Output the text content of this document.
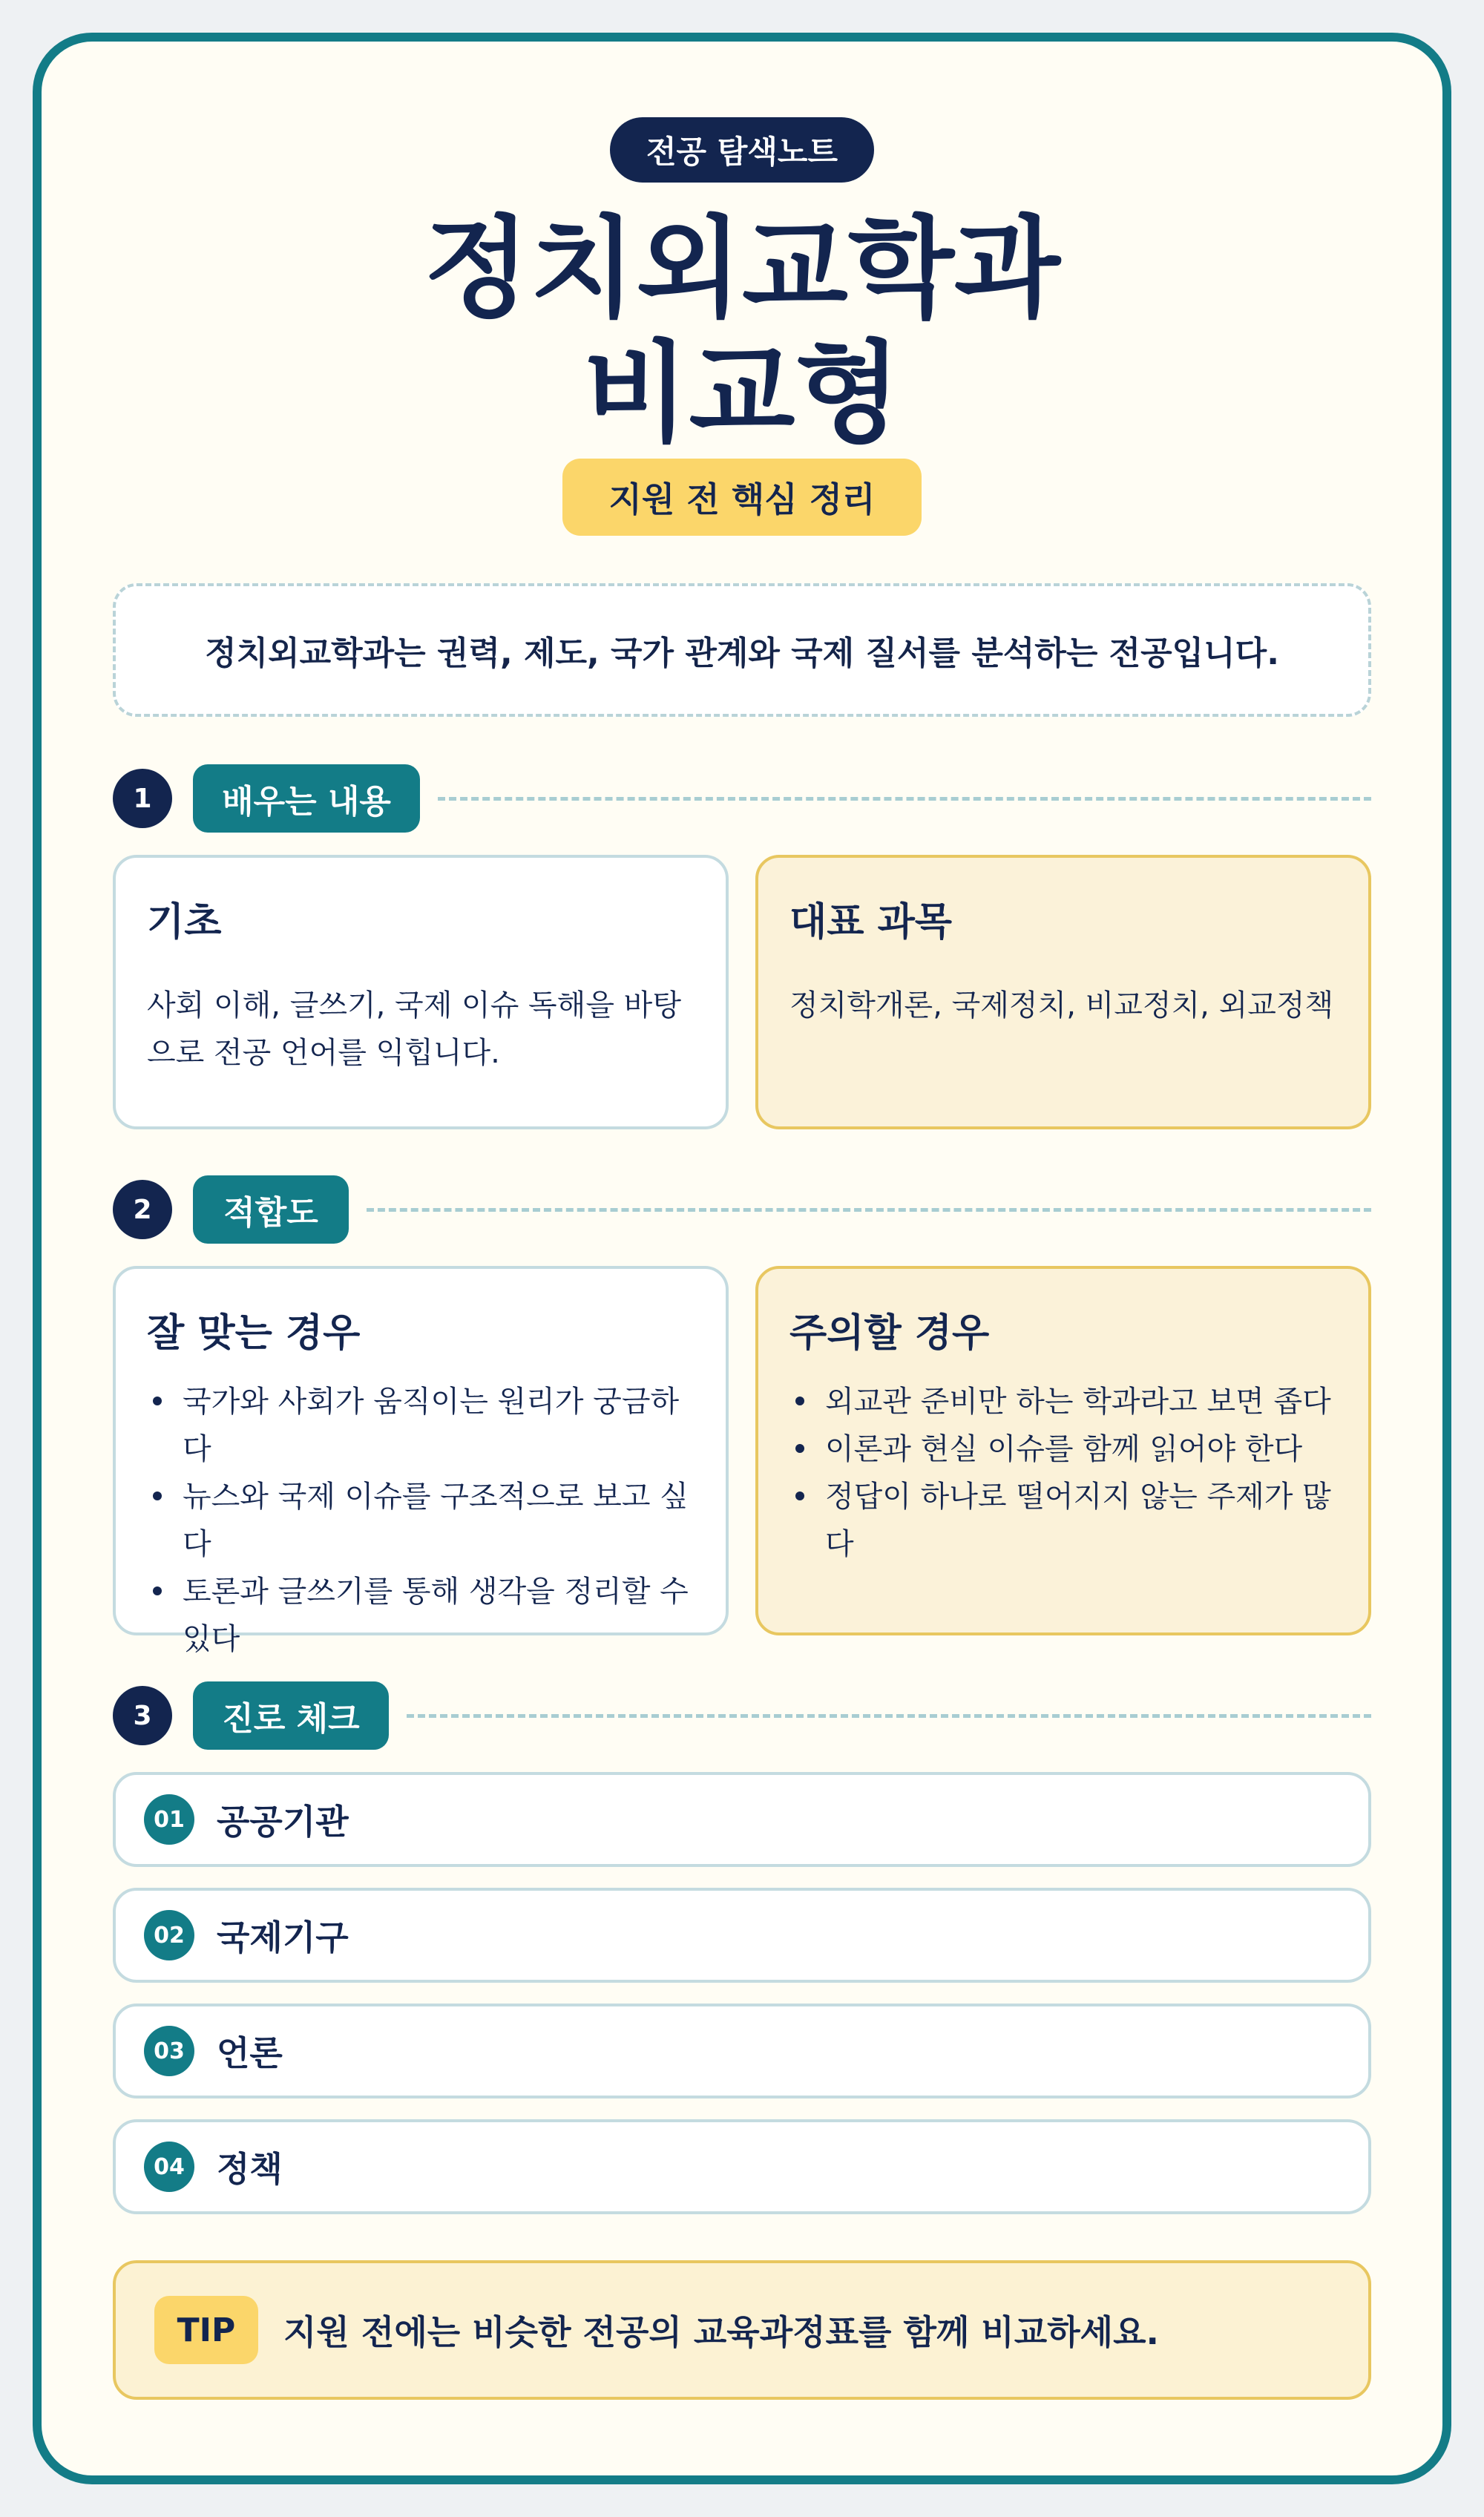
전공 탐색노트
정치외교학과
비교형
지원 전 핵심 정리
정치외교학과는 권력, 제도, 국가 관계와 국제 질서를 분석하는 전공입니다.
1	배우는 내용
기초

사회 이해, 글쓰기, 국제 이슈 독해을 바탕으로 전공 언어를 익힙니다.

대표 과목

정치학개론, 국제정치, 비교정치, 외교정책

2	적합도
잘 맞는 경우
국가와 사회가 움직이는 원리가 궁금하다
뉴스와 국제 이슈를 구조적으로 보고 싶다
토론과 글쓰기를 통해 생각을 정리할 수 있다
주의할 경우
외교관 준비만 하는 학과라고 보면 좁다
이론과 현실 이슈를 함께 읽어야 한다
정답이 하나로 떨어지지 않는 주제가 많다
3	진로 체크
01 공공기관
02 국제기구
03 언론
04 정책
TIP	지원 전에는 비슷한 전공의 교육과정표를 함께 비교하세요.
